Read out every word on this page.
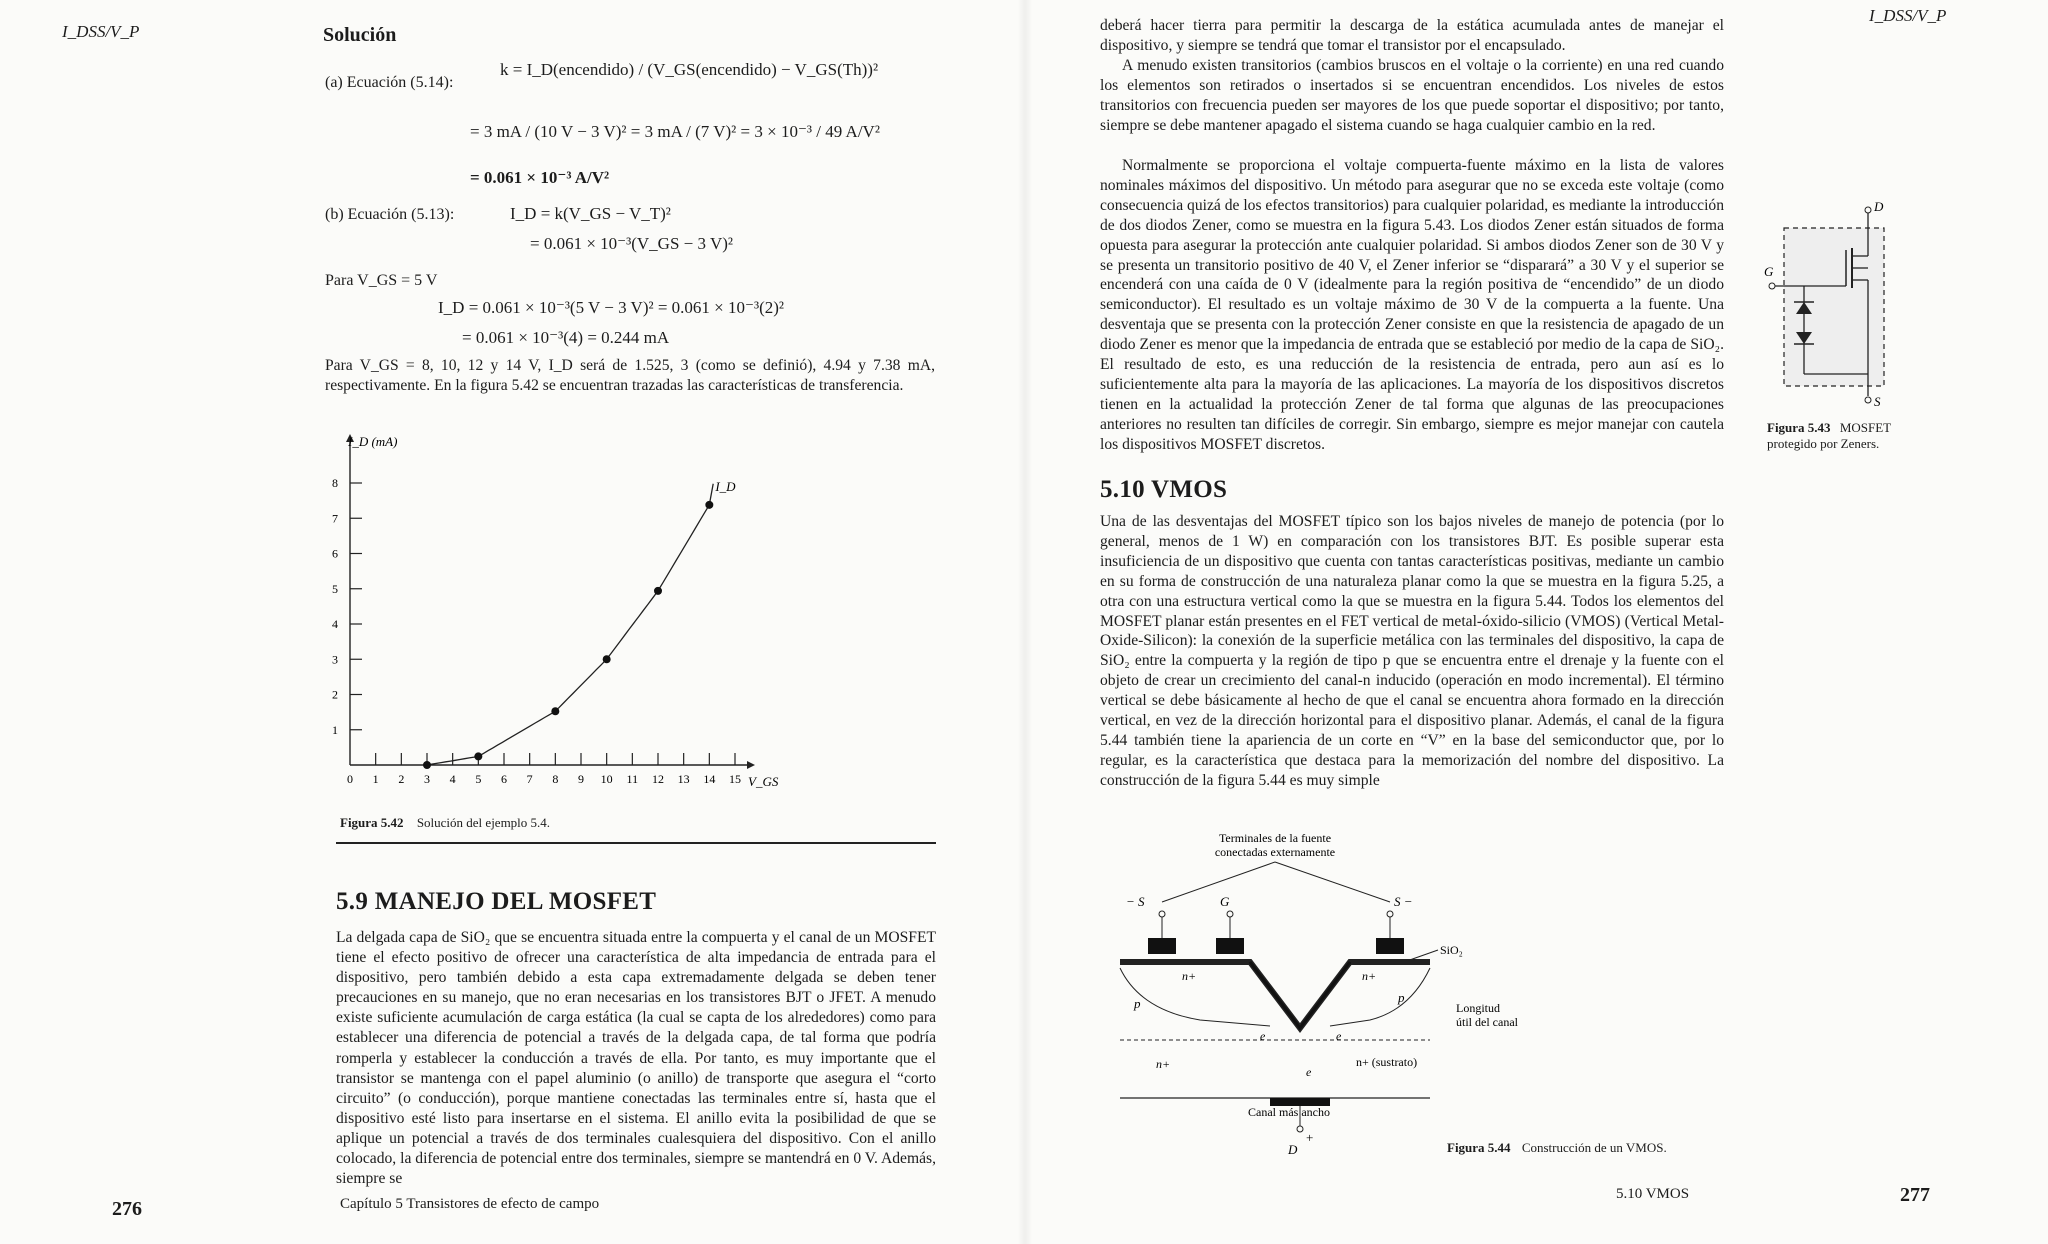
I_DSS/V_P	Solución
(a) Ecuación (5.14):
k = I_D(encendido) / (V_GS(encendido) − V_GS(Th))²
= 3 mA / (10 V − 3 V)² = 3 mA / (7 V)² = 3 × 10⁻³ / 49 A/V²
= 0.061 × 10⁻³ A/V²
(b) Ecuación (5.13):	I_D = k(V_GS − V_T)²
= 0.061 × 10⁻³(V_GS − 3 V)²
Para V_GS = 5 V
I_D = 0.061 × 10⁻³(5 V − 3 V)² = 0.061 × 10⁻³(2)²
= 0.061 × 10⁻³(4) = 0.244 mA
Para V_GS = 8, 10, 12 y 14 V, I_D será de 1.525, 3 (como se definió), 4.94 y 7.38 mA, respectivamente. En la figura 5.42 se encuentran trazadas las características de transferencia.
0 1 2 3 4 5 6 7 8 9 10 11 12 13 14 15
1
2
3
4
5
6
7
8
I_D (mA)
V_GS
I_D
Figura 5.42 Solución del ejemplo 5.4.
5.9 MANEJO DEL MOSFET
La delgada capa de SiO₂ que se encuentra situada entre la compuerta y el canal de un MOSFET tiene el efecto positivo de ofrecer una característica de alta impedancia de entrada para el dispositivo, pero también debido a esta capa extremadamente delgada se deben tener precauciones en su manejo, que no eran necesarias en los transistores BJT o JFET. A menudo existe suficiente acumulación de carga estática (la cual se capta de los alrededores) como para establecer una diferencia de potencial a través de la delgada capa, de tal forma que podría romperla y establecer la conducción a través de ella. Por tanto, es muy importante que el transistor se mantenga con el papel aluminio (o anillo) de transporte que asegura el “corto circuito” (o conducción), porque mantiene conectadas las terminales entre sí, hasta que el dispositivo esté listo para insertarse en el sistema. El anillo evita la posibilidad de que se aplique un potencial a través de dos terminales cualesquiera del dispositivo. Con el anillo colocado, la diferencia de potencial entre dos terminales, siempre se mantendrá en 0 V. Además, siempre se
276	Capítulo 5 Transistores de efecto de campo
I_DSS/V_P
deberá hacer tierra para permitir la descarga de la estática acumulada antes de manejar el dispositivo, y siempre se tendrá que tomar el transistor por el encapsulado.
A menudo existen transitorios (cambios bruscos en el voltaje o la corriente) en una red cuando los elementos son retirados o insertados si se encuentran encendidos. Los niveles de estos transitorios con frecuencia pueden ser mayores de los que puede soportar el dispositivo; por tanto, siempre se debe mantener apagado el sistema cuando se haga cualquier cambio en la red.
Normalmente se proporciona el voltaje compuerta-fuente máximo en la lista de valores nominales máximos del dispositivo. Un método para asegurar que no se exceda este voltaje (como consecuencia quizá de los efectos transitorios) para cualquier polaridad, es mediante la introducción de dos diodos Zener, como se muestra en la figura 5.43. Los diodos Zener están situados de forma opuesta para asegurar la protección ante cualquier polaridad. Si ambos diodos Zener son de 30 V y se presenta un transitorio positivo de 40 V, el Zener inferior se “disparará” a 30 V y el superior se encenderá con una caída de 0 V (idealmente para la región positiva de “encendido” de un diodo semiconductor). El resultado es un voltaje máximo de 30 V de la compuerta a la fuente. Una desventaja que se presenta con la protección Zener consiste en que la resistencia de apagado de un diodo Zener es menor que la impedancia de entrada que se estableció por medio de la capa de SiO₂. El resultado de esto, es una reducción de la resistencia de entrada, pero aun así es lo suficientemente alta para la mayoría de las aplicaciones. La mayoría de los dispositivos discretos tienen en la actualidad la protección Zener de tal forma que algunas de las preocupaciones anteriores no resulten tan difíciles de corregir. Sin embargo, siempre es mejor manejar con cautela los dispositivos MOSFET discretos.
D
G
S
Figura 5.43 MOSFET protegido por Zeners.
5.10 VMOS
Una de las desventajas del MOSFET típico son los bajos niveles de manejo de potencia (por lo general, menos de 1 W) en comparación con los transistores BJT. Es posible superar esta insuficiencia de un dispositivo que cuenta con tantas características positivas, mediante un cambio en su forma de construcción de una naturaleza planar como la que se muestra en la figura 5.25, a otra con una estructura vertical como la que se muestra en la figura 5.44. Todos los elementos del MOSFET planar están presentes en el FET vertical de metal-óxido-silicio (VMOS) (Vertical Metal-Oxide-Silicon): la conexión de la superficie metálica con las terminales del dispositivo, la capa de SiO₂ entre la compuerta y la región de tipo p que se encuentra entre el drenaje y la fuente con el objeto de crear un crecimiento del canal-n inducido (operación en modo incremental). El término vertical se debe básicamente al hecho de que el canal se encuentra ahora formado en la dirección vertical, en vez de la dirección horizontal para el dispositivo planar. Además, el canal de la figura 5.44 también tiene la apariencia de un corte en “V” en la base del semiconductor que, por lo regular, es la característica que destaca para la memorización del nombre del dispositivo. La construcción de la figura 5.44 es muy simple
Terminales de la fuente
conectadas externamente
− S	G	S −
D
+
n+	n+
p	p
e	e
e
n+	n+ (sustrato)
SiO₂
Longitud
útil del canal
Canal más ancho
Figura 5.44 Construcción de un VMOS.
5.10 VMOS	277
